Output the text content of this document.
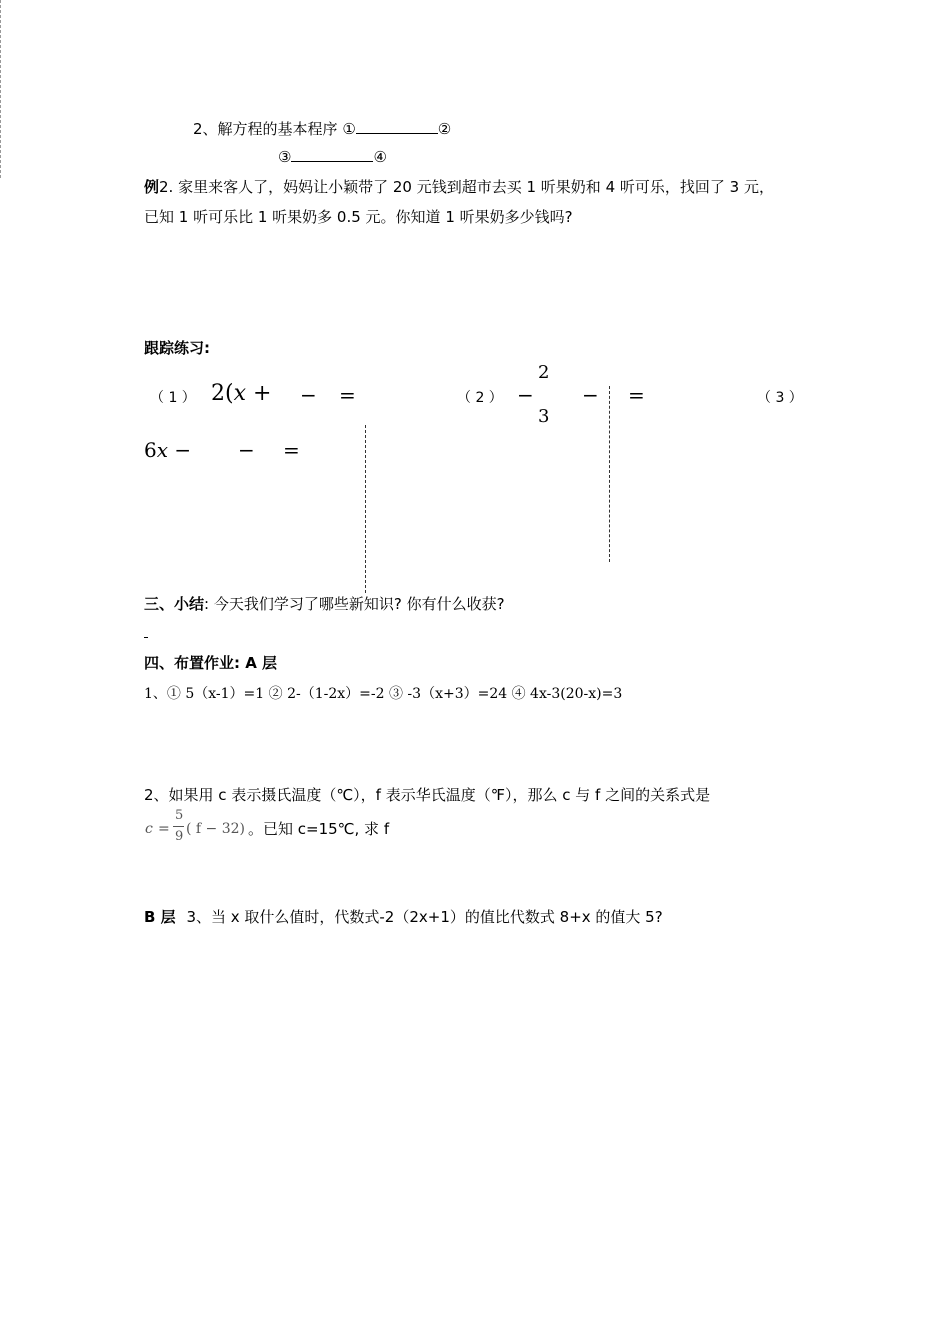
2、解方程的基本程序 ①	②
③	④
例2. 家里来客人了，妈妈让小颖带了 20 元钱到超市去买 1 听果奶和 4 听可乐，找回了 3 元，
已知 1 听可乐比 1 听果奶多 0.5 元。你知道 1 听果奶多少钱吗?
跟踪练习:
（ 1 ） 2(x + − =	（ 2 ） −
2
3
− =	（ 3 ）
6x − − =
三、小结: 今天我们学习了哪些新知识? 你有什么收获?
四、布置作业: A 层
1、① 5（x-1）=1 ② 2-（1-2x）=-2 ③ -3（x+3）=24 ④ 4x-3(20-x)=3
2、如果用 c 表示摄氏温度（℃），f 表示华氏温度（℉），那么 c 与 f 之间的关系式是
c =
5
9 ( f − 32) 。已知 c=15℃, 求 f
B 层 3、当 x 取什么值时，代数式-2（2x+1）的值比代数式 8+x 的值大 5?
